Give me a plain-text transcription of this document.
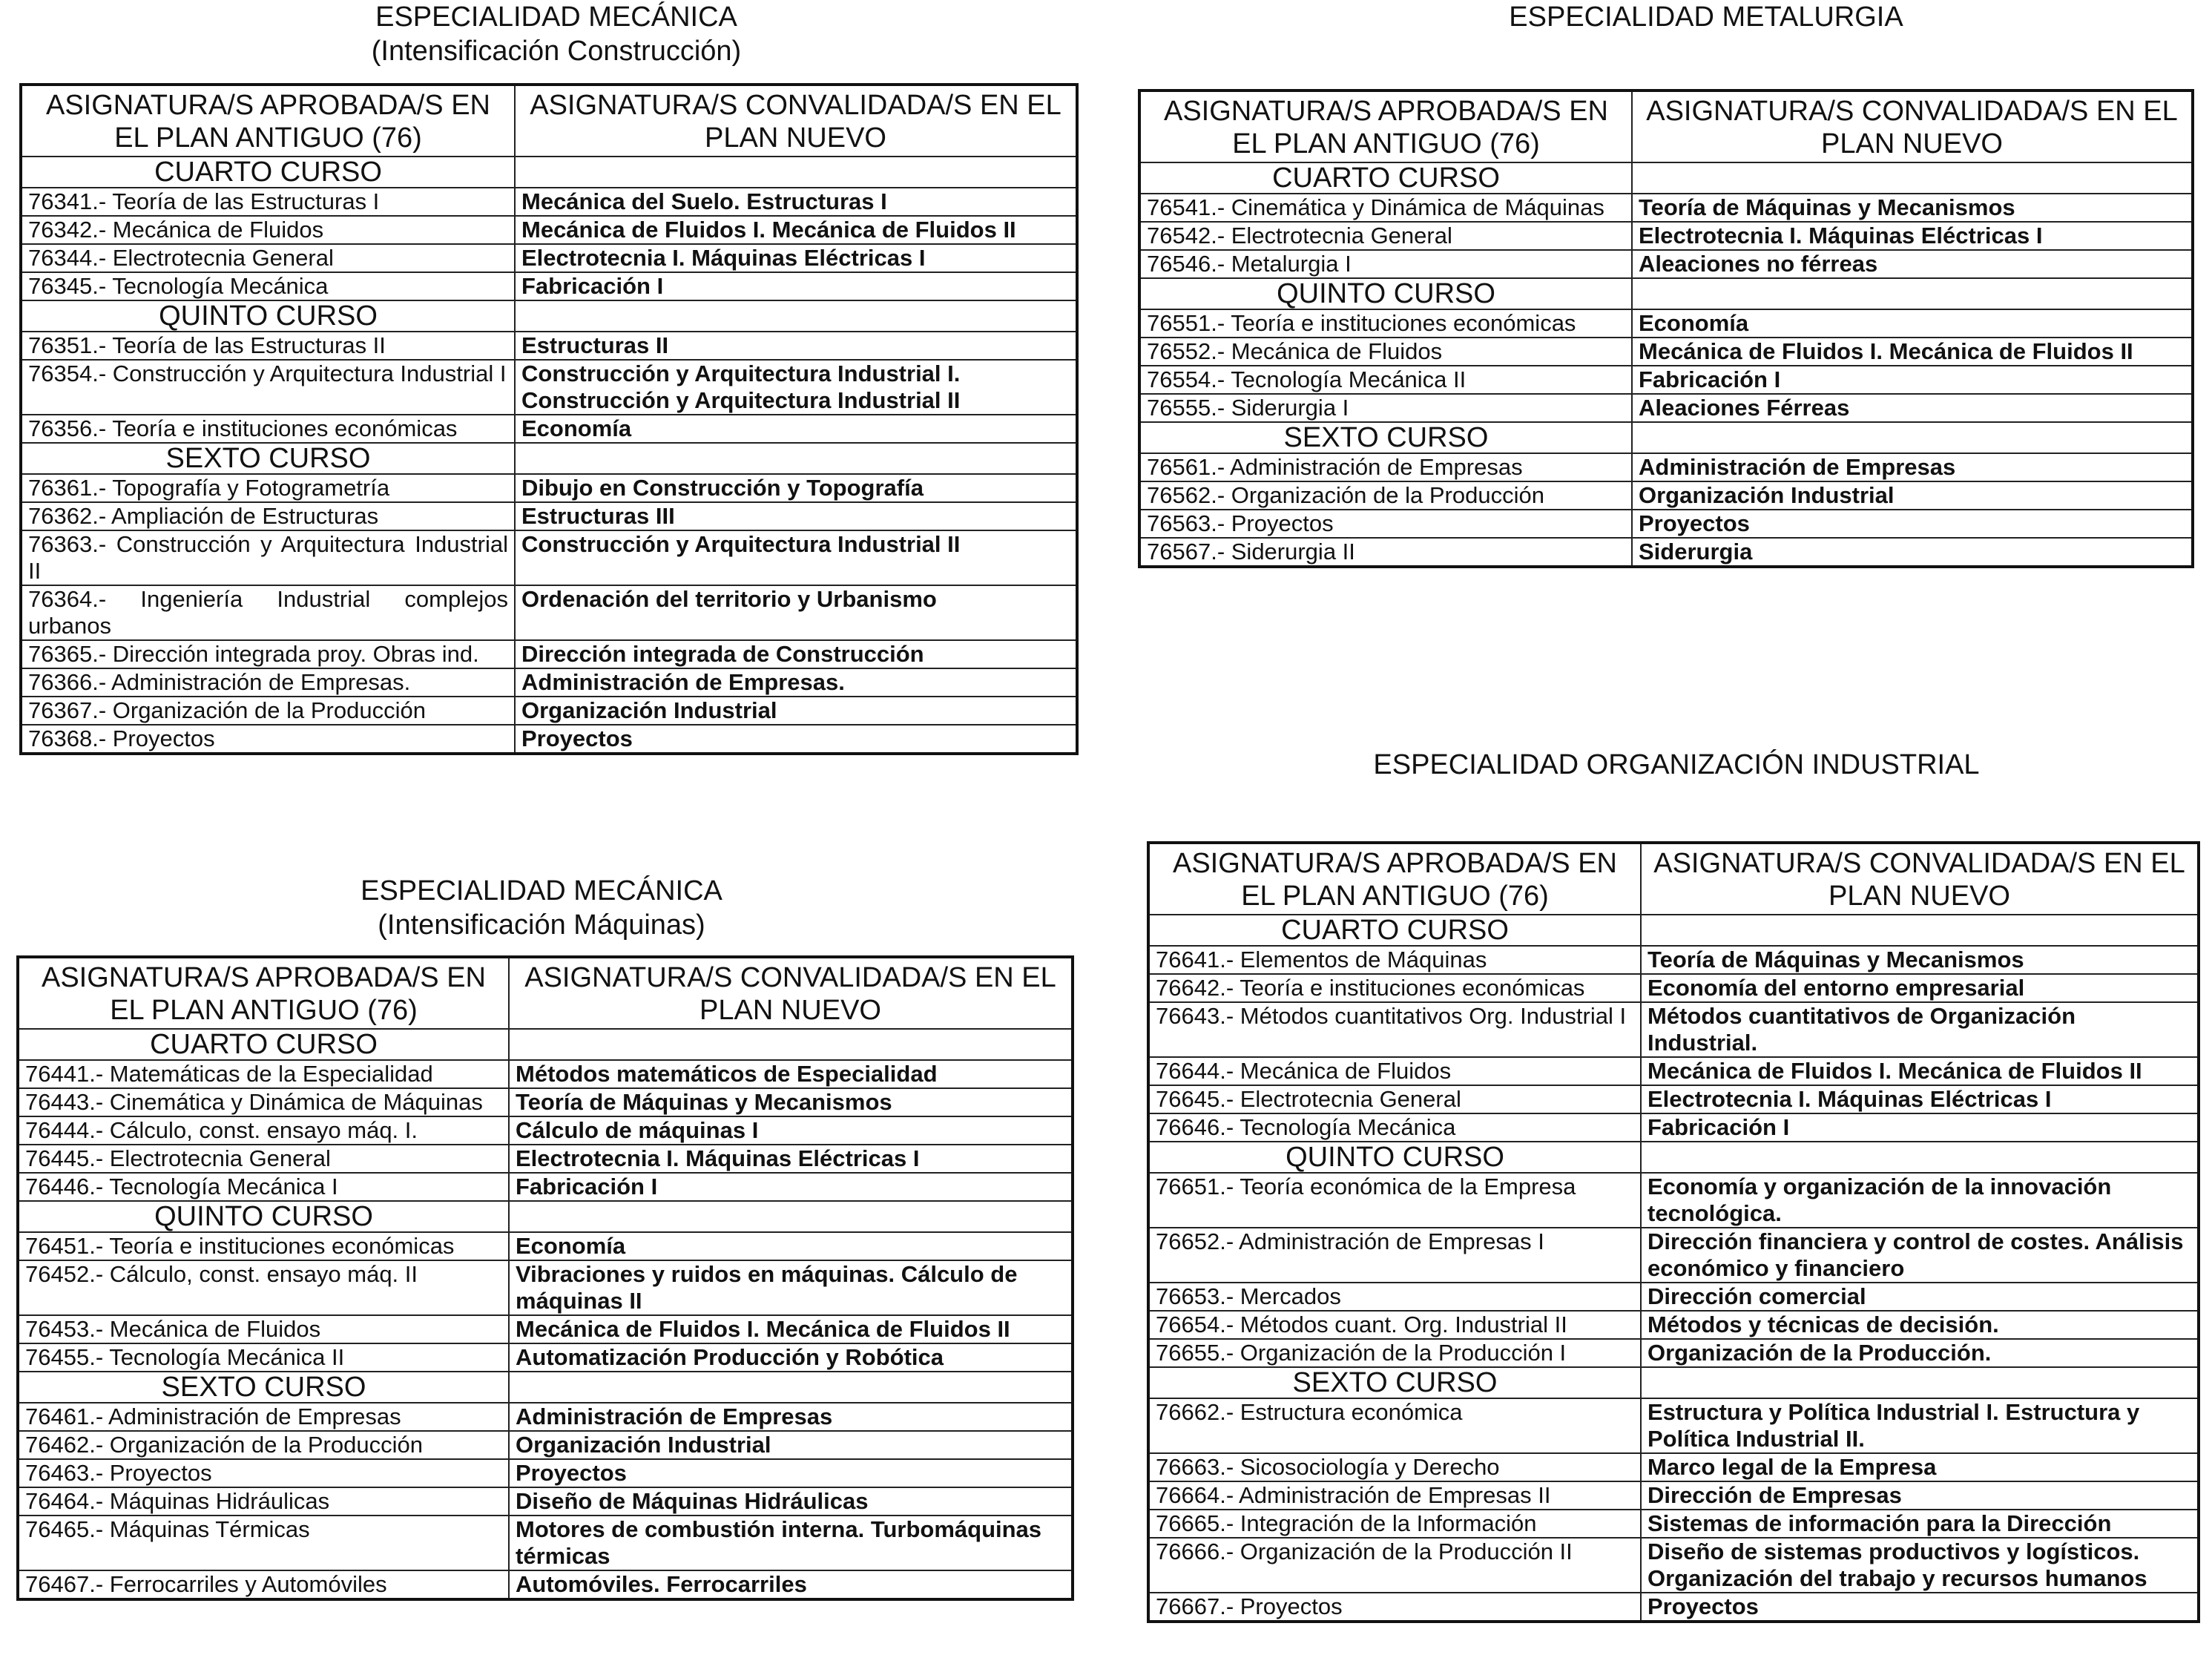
ESPECIALIDAD MECÁNICA
(Intensificación Construcción)
ASIGNATURA/S APROBADA/S EN EL PLAN ANTIGUO (76)	ASIGNATURA/S CONVALIDADA/S EN EL PLAN NUEVO
CUARTO CURSO	
76341.- Teoría de las Estructuras I	Mecánica del Suelo. Estructuras I
76342.- Mecánica de Fluidos	Mecánica de Fluidos I. Mecánica de Fluidos II
76344.- Electrotecnia General	Electrotecnia I. Máquinas Eléctricas I
76345.- Tecnología Mecánica	Fabricación I
QUINTO CURSO	
76351.- Teoría de las Estructuras II	Estructuras II
76354.- Construcción y Arquitectura Industrial I	Construcción y Arquitectura Industrial I. Construcción y Arquitectura Industrial II
76356.- Teoría e instituciones económicas	Economía
SEXTO CURSO	
76361.- Topografía y Fotogrametría	Dibujo en Construcción y Topografía
76362.- Ampliación de Estructuras	Estructuras III
76363.- Construcción y Arquitectura Industrial II	Construcción y Arquitectura Industrial II
76364.- Ingeniería Industrial complejos urbanos	Ordenación del territorio y Urbanismo
76365.- Dirección integrada proy. Obras ind.	Dirección integrada de Construcción
76366.- Administración de Empresas.	Administración de Empresas.
76367.- Organización de la Producción	Organización Industrial
76368.- Proyectos	Proyectos
ESPECIALIDAD METALURGIA
ASIGNATURA/S APROBADA/S EN EL PLAN ANTIGUO (76)	ASIGNATURA/S CONVALIDADA/S EN EL PLAN NUEVO
CUARTO CURSO	
76541.- Cinemática y Dinámica de Máquinas	Teoría de Máquinas y Mecanismos
76542.- Electrotecnia General	Electrotecnia I. Máquinas Eléctricas I
76546.- Metalurgia I	Aleaciones no férreas
QUINTO CURSO	
76551.- Teoría e instituciones económicas	Economía
76552.- Mecánica de Fluidos	Mecánica de Fluidos I. Mecánica de Fluidos II
76554.- Tecnología Mecánica II	Fabricación I
76555.- Siderurgia I	Aleaciones Férreas
SEXTO CURSO	
76561.- Administración de Empresas	Administración de Empresas
76562.- Organización de la Producción	Organización Industrial
76563.- Proyectos	Proyectos
76567.- Siderurgia II	Siderurgia
ESPECIALIDAD MECÁNICA
(Intensificación Máquinas)
ASIGNATURA/S APROBADA/S EN EL PLAN ANTIGUO (76)	ASIGNATURA/S CONVALIDADA/S EN EL PLAN NUEVO
CUARTO CURSO	
76441.- Matemáticas de la Especialidad	Métodos matemáticos de Especialidad
76443.- Cinemática y Dinámica de Máquinas	Teoría de Máquinas y Mecanismos
76444.- Cálculo, const. ensayo máq. I.	Cálculo de máquinas I
76445.- Electrotecnia General	Electrotecnia I. Máquinas Eléctricas I
76446.- Tecnología Mecánica I	Fabricación I
QUINTO CURSO	
76451.- Teoría e instituciones económicas	Economía
76452.- Cálculo, const. ensayo máq. II	Vibraciones y ruidos en máquinas. Cálculo de máquinas II
76453.- Mecánica de Fluidos	Mecánica de Fluidos I. Mecánica de Fluidos II
76455.- Tecnología Mecánica II	Automatización Producción y Robótica
SEXTO CURSO	
76461.- Administración de Empresas	Administración de Empresas
76462.- Organización de la Producción	Organización Industrial
76463.- Proyectos	Proyectos
76464.- Máquinas Hidráulicas	Diseño de Máquinas Hidráulicas
76465.- Máquinas Térmicas	Motores de combustión interna. Turbomáquinas térmicas
76467.- Ferrocarriles y Automóviles	Automóviles. Ferrocarriles
ESPECIALIDAD ORGANIZACIÓN INDUSTRIAL
ASIGNATURA/S APROBADA/S EN EL PLAN ANTIGUO (76)	ASIGNATURA/S CONVALIDADA/S EN EL PLAN NUEVO
CUARTO CURSO	
76641.- Elementos de Máquinas	Teoría de Máquinas y Mecanismos
76642.- Teoría e instituciones económicas	Economía del entorno empresarial
76643.- Métodos cuantitativos Org. Industrial I	Métodos cuantitativos de Organización Industrial.
76644.- Mecánica de Fluidos	Mecánica de Fluidos I. Mecánica de Fluidos II
76645.- Electrotecnia General	Electrotecnia I. Máquinas Eléctricas I
76646.- Tecnología Mecánica	Fabricación I
QUINTO CURSO	
76651.- Teoría económica de la Empresa	Economía y organización de la innovación tecnológica.
76652.- Administración de Empresas I	Dirección financiera y control de costes. Análisis económico y financiero
76653.- Mercados	Dirección comercial
76654.- Métodos cuant. Org. Industrial II	Métodos y técnicas de decisión.
76655.- Organización de la Producción I	Organización de la Producción.
SEXTO CURSO	
76662.- Estructura económica	Estructura y Política Industrial I. Estructura y Política Industrial II.
76663.- Sicosociología y Derecho	Marco legal de la Empresa
76664.- Administración de Empresas II	Dirección de Empresas
76665.- Integración de la Información	Sistemas de información para la Dirección
76666.- Organización de la Producción II	Diseño de sistemas productivos y logísticos. Organización del trabajo y recursos humanos
76667.- Proyectos	Proyectos
